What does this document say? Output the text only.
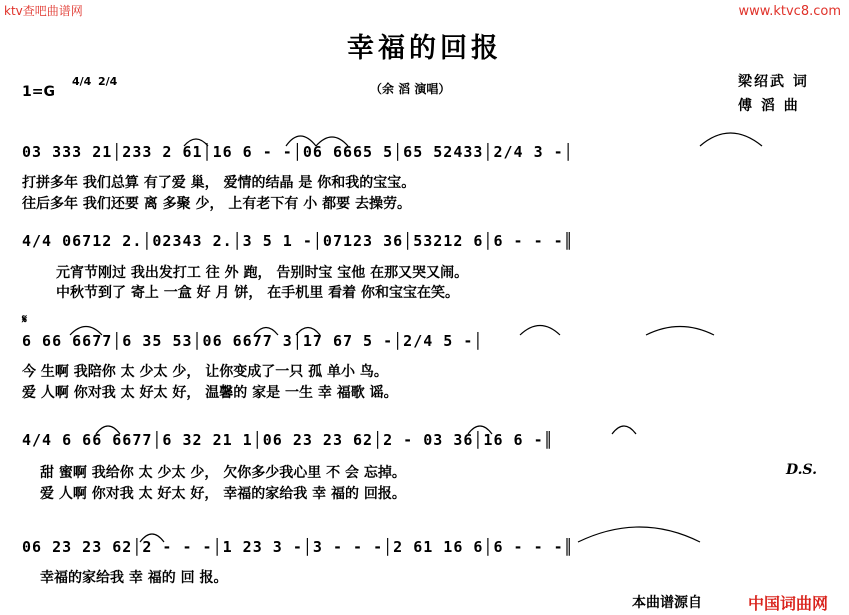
ktv查吧曲谱网	www.ktvc8.com
幸福的回报
1=G
4/4 2/4
（余 滔 演唱）	梁绍武 词
傅 滔 曲
03 333 21│233 2 61│16 6 - -│06 6665 5│65 52433│2/4 3 -│
打拼多年 我们总算 有了爱 巢， 爱情的结晶 是 你和我的宝宝。
往后多年 我们还要 离 多聚 少， 上有老下有 小 都要 去操劳。
4/4 06712 2.│02343 2.│3 5 1 -│07123 36│53212 6│6 - - -║
元宵节刚过 我出发打工 往 外 跑， 告别时宝 宝他 在那又哭又闹。
中秋节到了 寄上 一盒 好 月 饼， 在手机里 看着 你和宝宝在笑。
𝄋
6 66 6677│6 35 53│06 6677 3│17 67 5 -│2/4 5 -│
今 生啊 我陪你 太 少太 少， 让你变成了一只 孤 单小 鸟。
爱 人啊 你对我 太 好太 好， 温馨的 家是 一生 幸 福歌 谣。
4/4 6 66 6677│6 32 21 1│06 23 23 62│2 - 03 36│16 6 -║
甜 蜜啊 我给你 太 少太 少， 欠你多少我心里 不 会 忘掉。
爱 人啊 你对我 太 好太 好， 幸福的家给我 幸 福的 回报。
D.S.
06 23 23 62│2 - - -│1 23 3 -│3 - - -│2 61 16 6│6 - - -║
幸福的家给我 幸 福的 回 报。
本曲谱源自	中国词曲网
